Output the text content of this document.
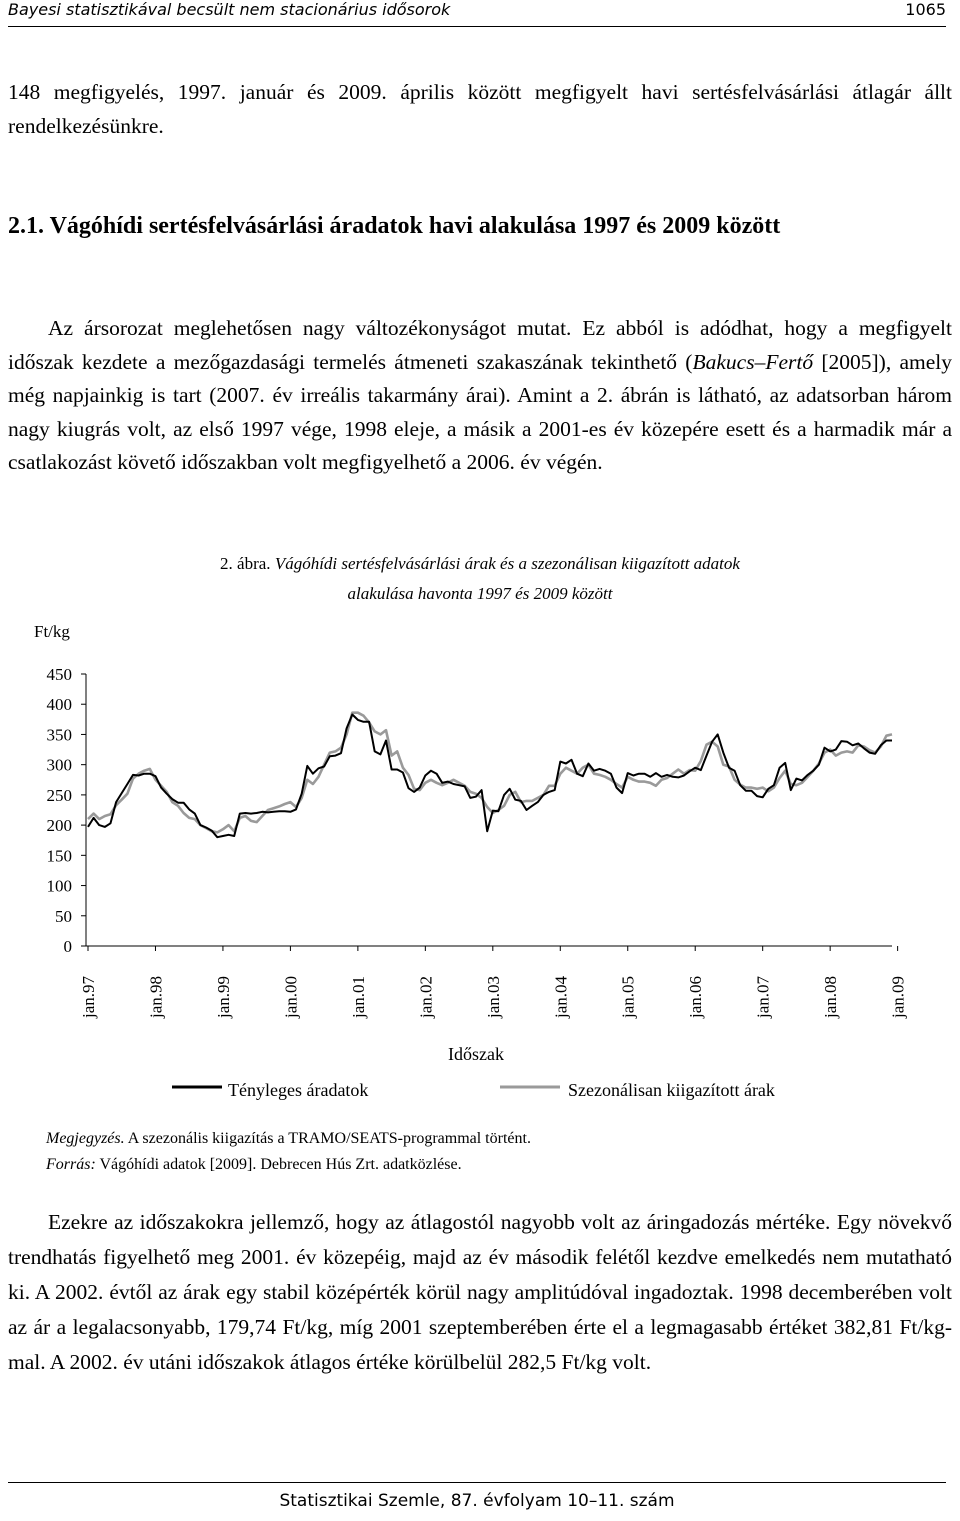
Bayesi statisztikával becsült nem stacionárius idősorok	1065

148 megfigyelés, 1997. január és 2009. április között megfigyelt havi sertésfelvásárlási átlagár állt rendelkezésünkre.

2.1. Vágóhídi sertésfelvásárlási áradatok havi alakulása 1997 és 2009 között

Az ársorozat meglehetősen nagy változékonyságot mutat. Ez abból is adódhat, hogy a megfigyelt időszak kezdete a mezőgazdasági termelés átmeneti szakaszának tekinthető (Bakucs–Fertő [2005]), amely még napjainkig is tart (2007. év irreális takarmány árai). Amint a 2. ábrán is látható, az adatsorban három nagy kiugrás volt, az első 1997 vége, 1998 eleje, a másik a 2001-es év közepére esett és a harmadik már a csatlakozást követő időszakban volt megfigyelhető a 2006. év végén.

2. ábra. Vágóhídi sertésfelvásárlási árak és a szezonálisan kiigazított adatok
alakulása havonta 1997 és 2009 között
Ft/kg
450
400
350
300
250
200
150
100
50
0
jan.97	jan.98	jan.99	jan.00	jan.01	jan.02	jan.03	jan.04	jan.05	jan.06	jan.07	jan.08	jan.09
Időszak
Tényleges áradatok	Szezonálisan kiigazított árak
Megjegyzés. A szezonális kiigazítás a TRAMO/SEATS-programmal történt.
Forrás: Vágóhídi adatok [2009]. Debrecen Hús Zrt. adatközlése.

Ezekre az időszakokra jellemző, hogy az átlagostól nagyobb volt az áringadozás mértéke. Egy növekvő trendhatás figyelhető meg 2001. év közepéig, majd az év második felétől kezdve emelkedés nem mutatható ki. A 2002. évtől az árak egy stabil középérték körül nagy amplitúdóval ingadoztak. 1998 decemberében volt az ár a legalacsonyabb, 179,74 Ft/kg, míg 2001 szeptemberében érte el a legmagasabb értéket 382,81 Ft/kg-mal. A 2002. év utáni időszakok átlagos értéke körülbelül 282,5 Ft/kg volt.

Statisztikai Szemle, 87. évfolyam 10–11. szám
